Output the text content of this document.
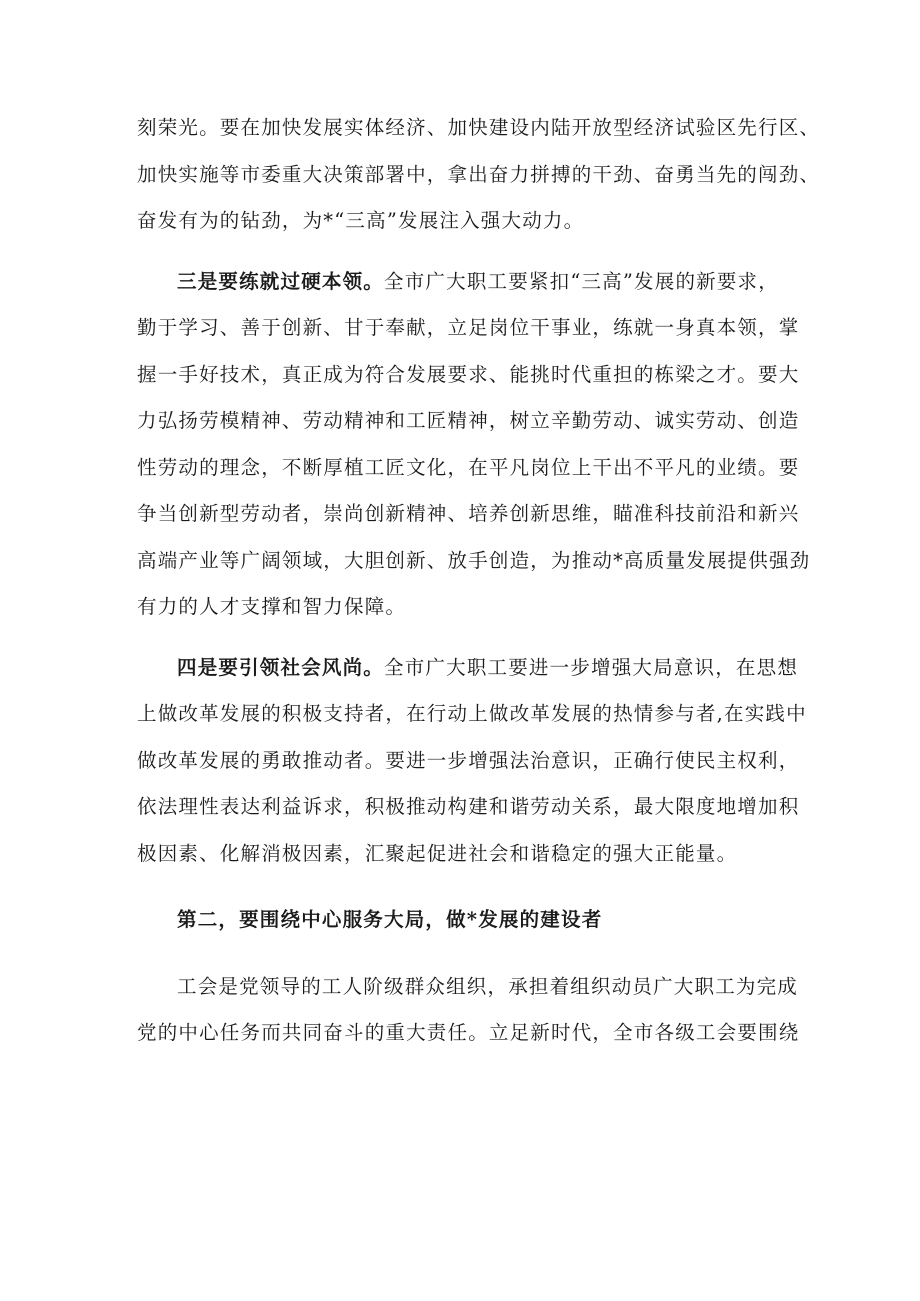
刻荣光。要在加快发展实体经济、加快建设内陆开放型经济试验区先行区、
加快实施等市委重大决策部署中，拿出奋力拼搏的干劲、奋勇当先的闯劲、
奋发有为的钻劲，为*“三高”发展注入强大动力。
三是要练就过硬本领。全市广大职工要紧扣“三高”发展的新要求，
勤于学习、善于创新、甘于奉献，立足岗位干事业，练就一身真本领，掌
握一手好技术，真正成为符合发展要求、能挑时代重担的栋梁之才。要大
力弘扬劳模精神、劳动精神和工匠精神，树立辛勤劳动、诚实劳动、创造
性劳动的理念，不断厚植工匠文化，在平凡岗位上干出不平凡的业绩。要
争当创新型劳动者，崇尚创新精神、培养创新思维，瞄准科技前沿和新兴
高端产业等广阔领域，大胆创新、放手创造，为推动*高质量发展提供强劲
有力的人才支撑和智力保障。
四是要引领社会风尚。全市广大职工要进一步增强大局意识，在思想
上做改革发展的积极支持者，在行动上做改革发展的热情参与者,在实践中
做改革发展的勇敢推动者。要进一步增强法治意识，正确行使民主权利，
依法理性表达利益诉求，积极推动构建和谐劳动关系，最大限度地增加积
极因素、化解消极因素，汇聚起促进社会和谐稳定的强大正能量。
第二，要围绕中心服务大局，做*发展的建设者
工会是党领导的工人阶级群众组织，承担着组织动员广大职工为完成
党的中心任务而共同奋斗的重大责任。立足新时代，全市各级工会要围绕
